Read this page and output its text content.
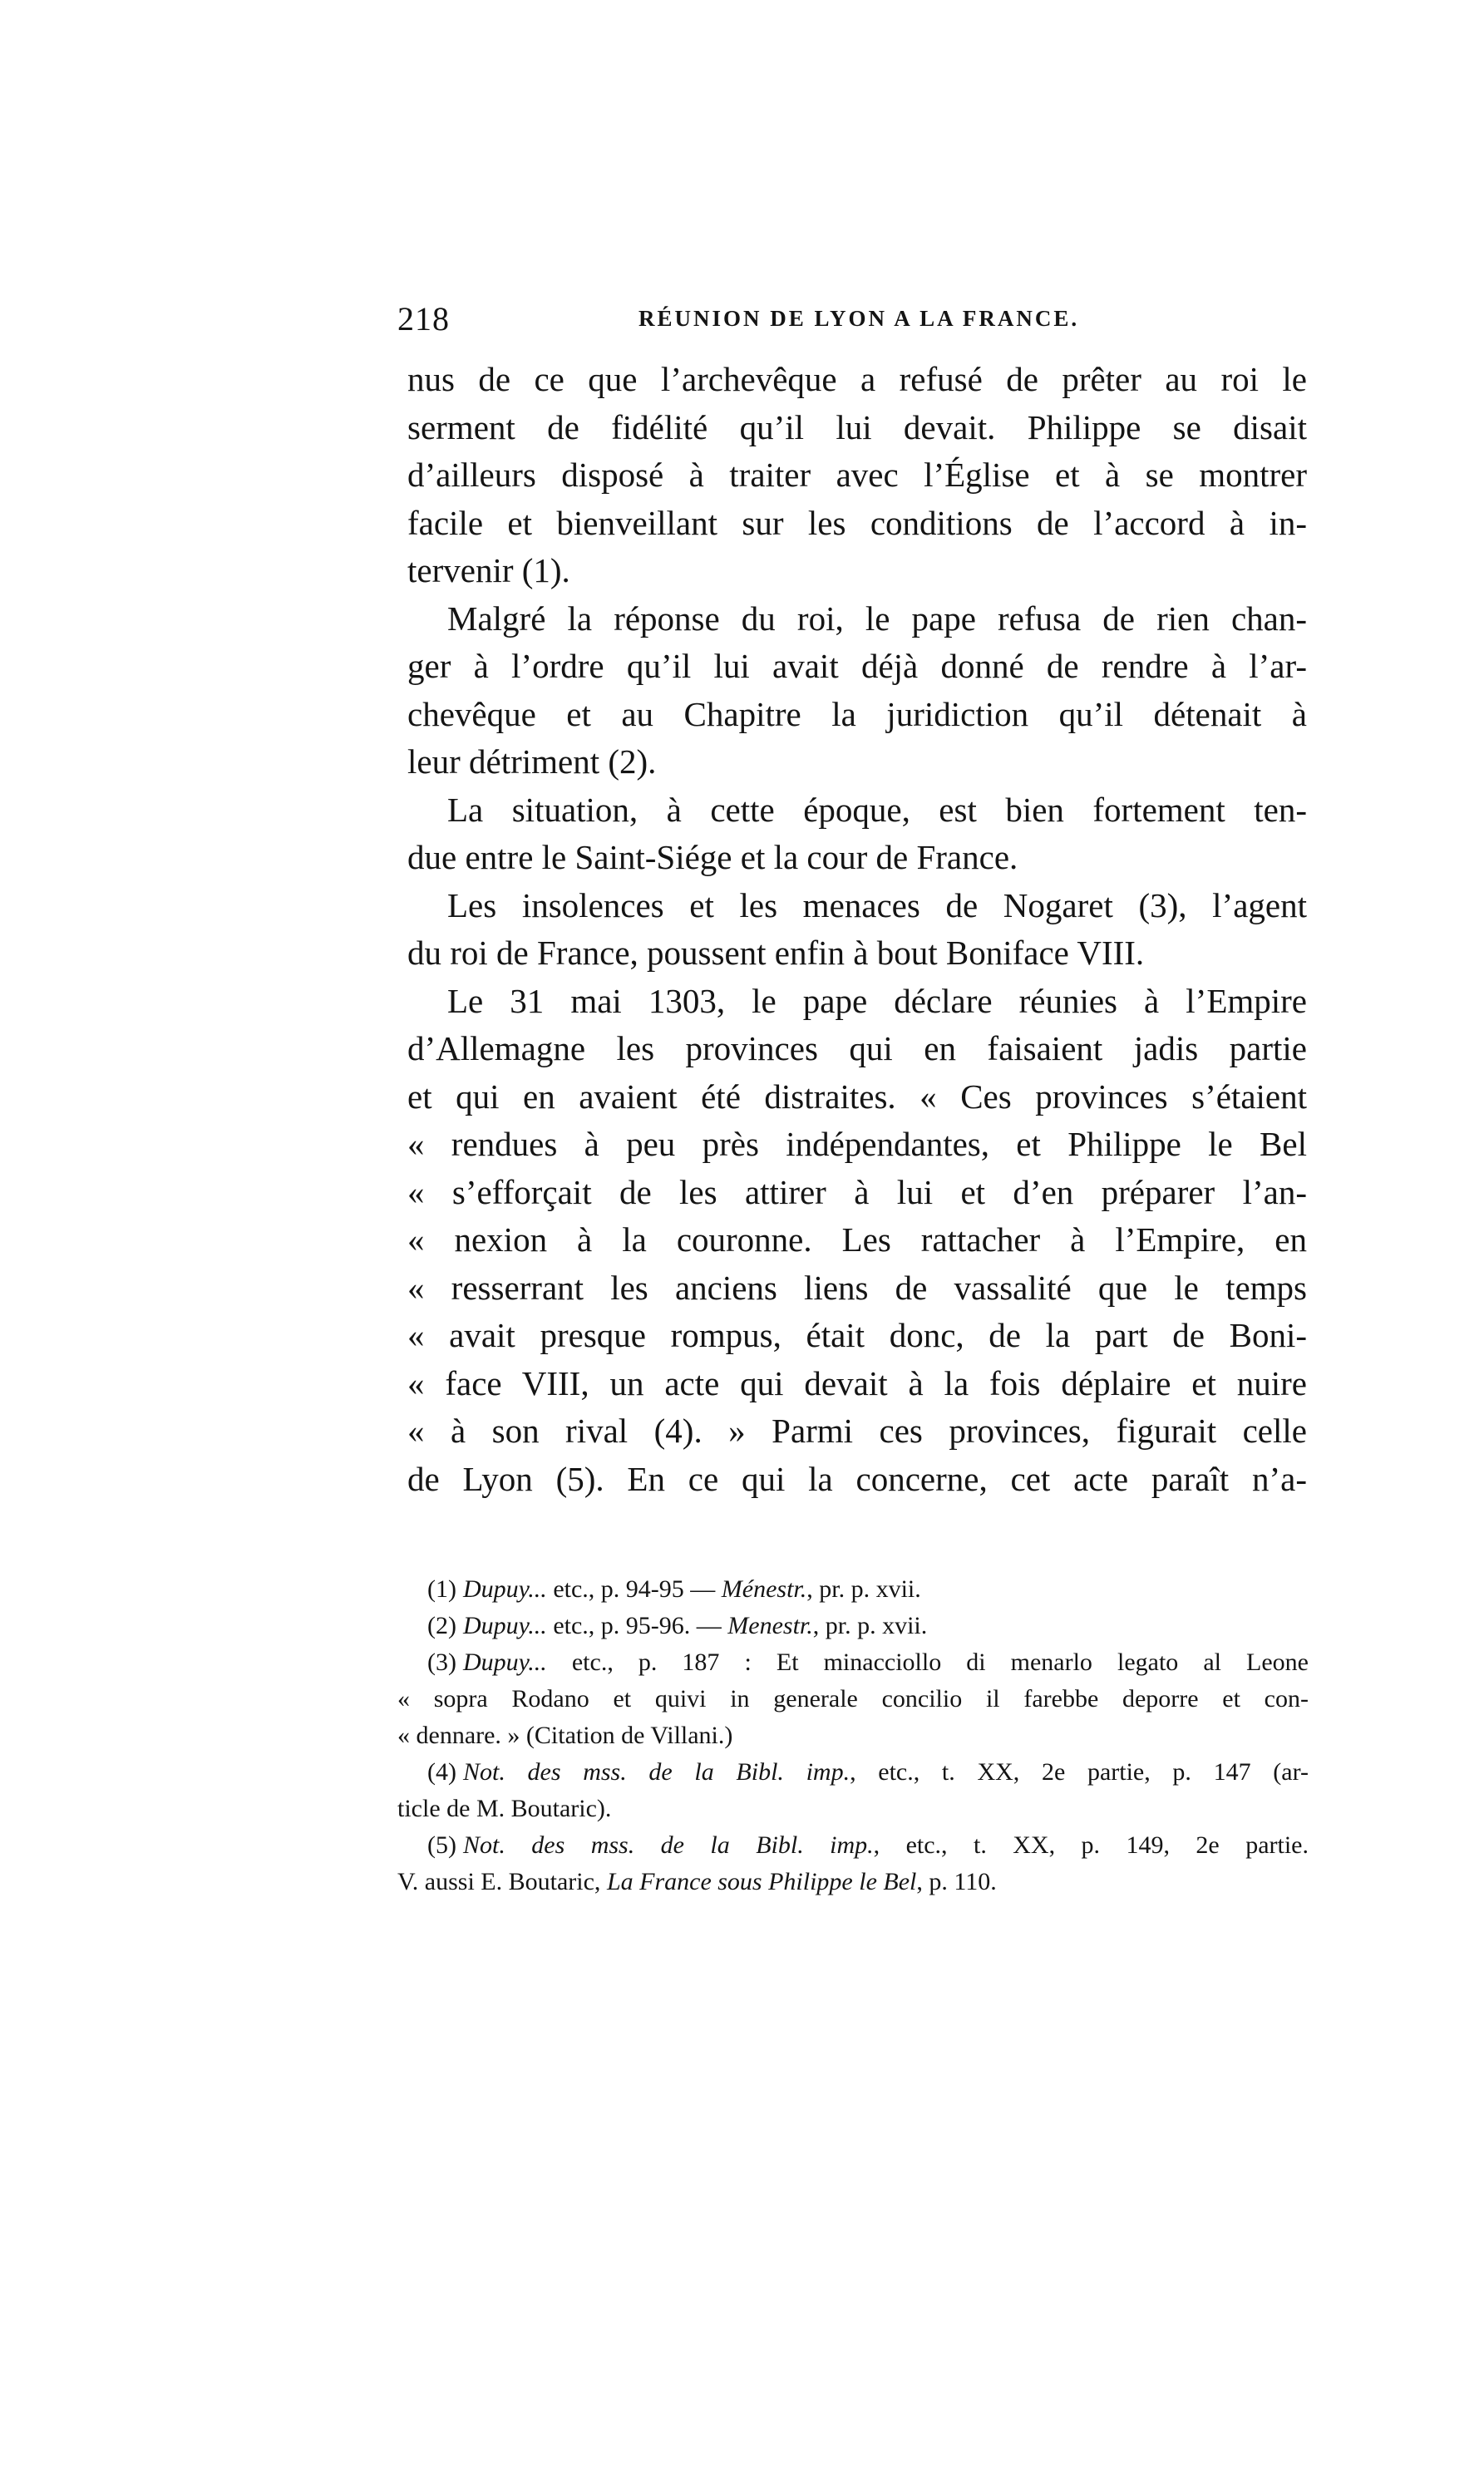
218	RÉUNION DE LYON A LA FRANCE.
nus de ce que l’archevêque a refusé de prêter au roi le
serment de fidélité qu’il lui devait. Philippe se disait
d’ailleurs disposé à traiter avec l’Église et à se montrer
facile et bienveillant sur les conditions de l’accord à in-
tervenir (1).
Malgré la réponse du roi, le pape refusa de rien chan-
ger à l’ordre qu’il lui avait déjà donné de rendre à l’ar-
chevêque et au Chapitre la juridiction qu’il détenait à
leur détriment (2).
La situation, à cette époque, est bien fortement ten-
due entre le Saint-Siége et la cour de France.
Les insolences et les menaces de Nogaret (3), l’agent
du roi de France, poussent enfin à bout Boniface VIII.
Le 31 mai 1303, le pape déclare réunies à l’Empire
d’Allemagne les provinces qui en faisaient jadis partie
et qui en avaient été distraites. « Ces provinces s’étaient
« rendues à peu près indépendantes, et Philippe le Bel
« s’efforçait de les attirer à lui et d’en préparer l’an-
« nexion à la couronne. Les rattacher à l’Empire, en
« resserrant les anciens liens de vassalité que le temps
« avait presque rompus, était donc, de la part de Boni-
« face VIII, un acte qui devait à la fois déplaire et nuire
« à son rival (4). » Parmi ces provinces, figurait celle
de Lyon (5). En ce qui la concerne, cet acte paraît n’a-
(1) Dupuy... etc., p. 94-95 — Ménestr., pr. p. xvii.
(2) Dupuy... etc., p. 95-96. — Menestr., pr. p. xvii.
(3) Dupuy... etc., p. 187 : Et minacciollo di menarlo legato al Leone
« sopra Rodano et quivi in generale concilio il farebbe deporre et con-
« dennare. » (Citation de Villani.)
(4) Not. des mss. de la Bibl. imp., etc., t. XX, 2e partie, p. 147 (ar-
ticle de M. Boutaric).
(5) Not. des mss. de la Bibl. imp., etc., t. XX, p. 149, 2e partie.
V. aussi E. Boutaric, La France sous Philippe le Bel, p. 110.
